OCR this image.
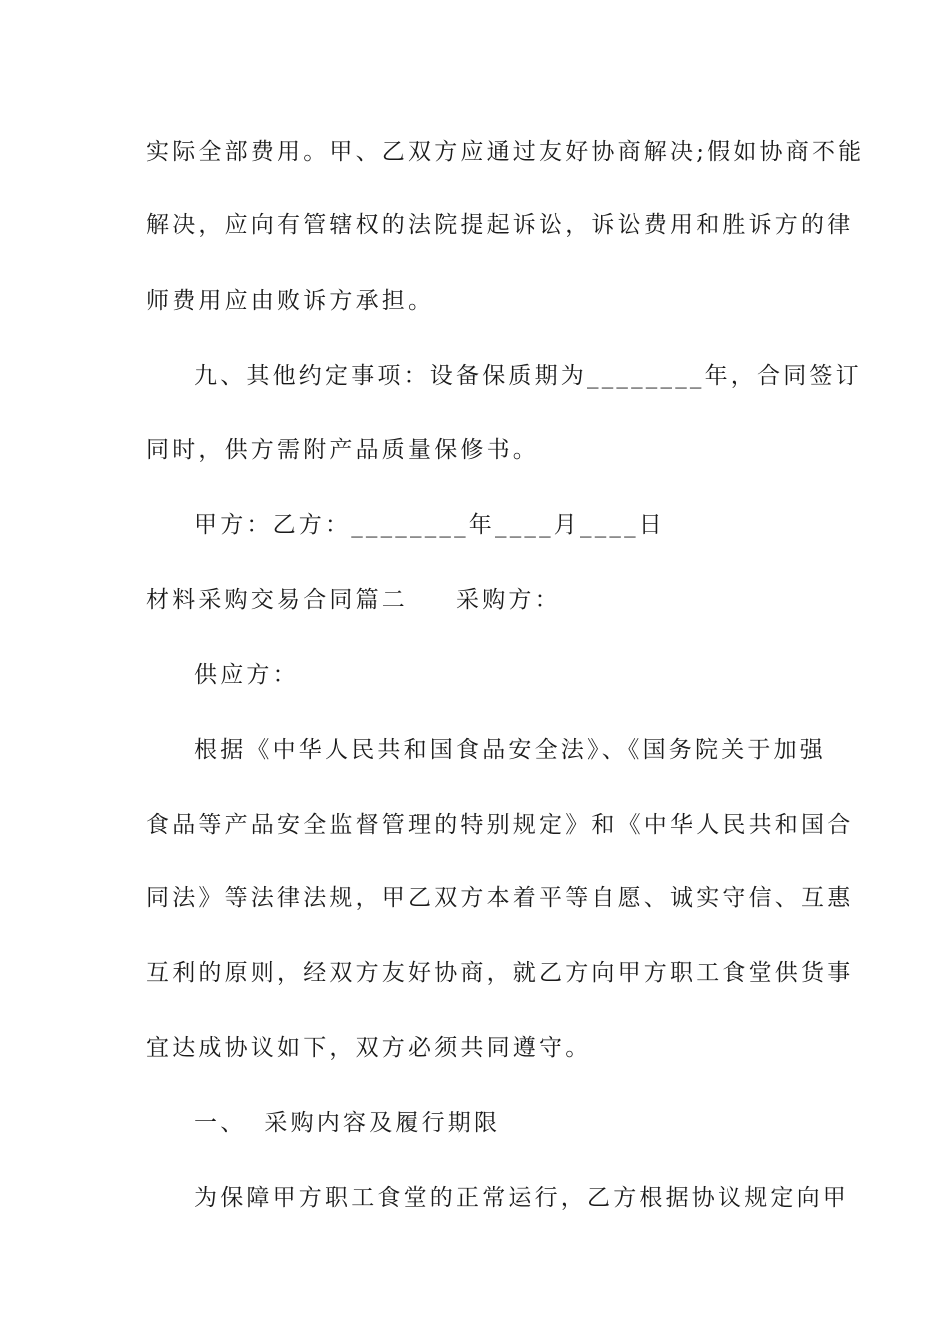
实际全部费用。甲、乙双方应通过友好协商解决;假如协商不能
解决，应向有管辖权的法院提起诉讼，诉讼费用和胜诉方的律
师费用应由败诉方承担。
九、其他约定事项：设备保质期为________年，合同签订
同时，供方需附产品质量保修书。
甲方：乙方：________年____月____日
材料采购交易合同篇二 采购方：
供应方：
根据《中华人民共和国食品安全法》、《国务院关于加强
食品等产品安全监督管理的特别规定》和《中华人民共和国合
同法》等法律法规，甲乙双方本着平等自愿、诚实守信、互惠
互利的原则，经双方友好协商，就乙方向甲方职工食堂供货事
宜达成协议如下，双方必须共同遵守。
一、 采购内容及履行期限
为保障甲方职工食堂的正常运行，乙方根据协议规定向甲
